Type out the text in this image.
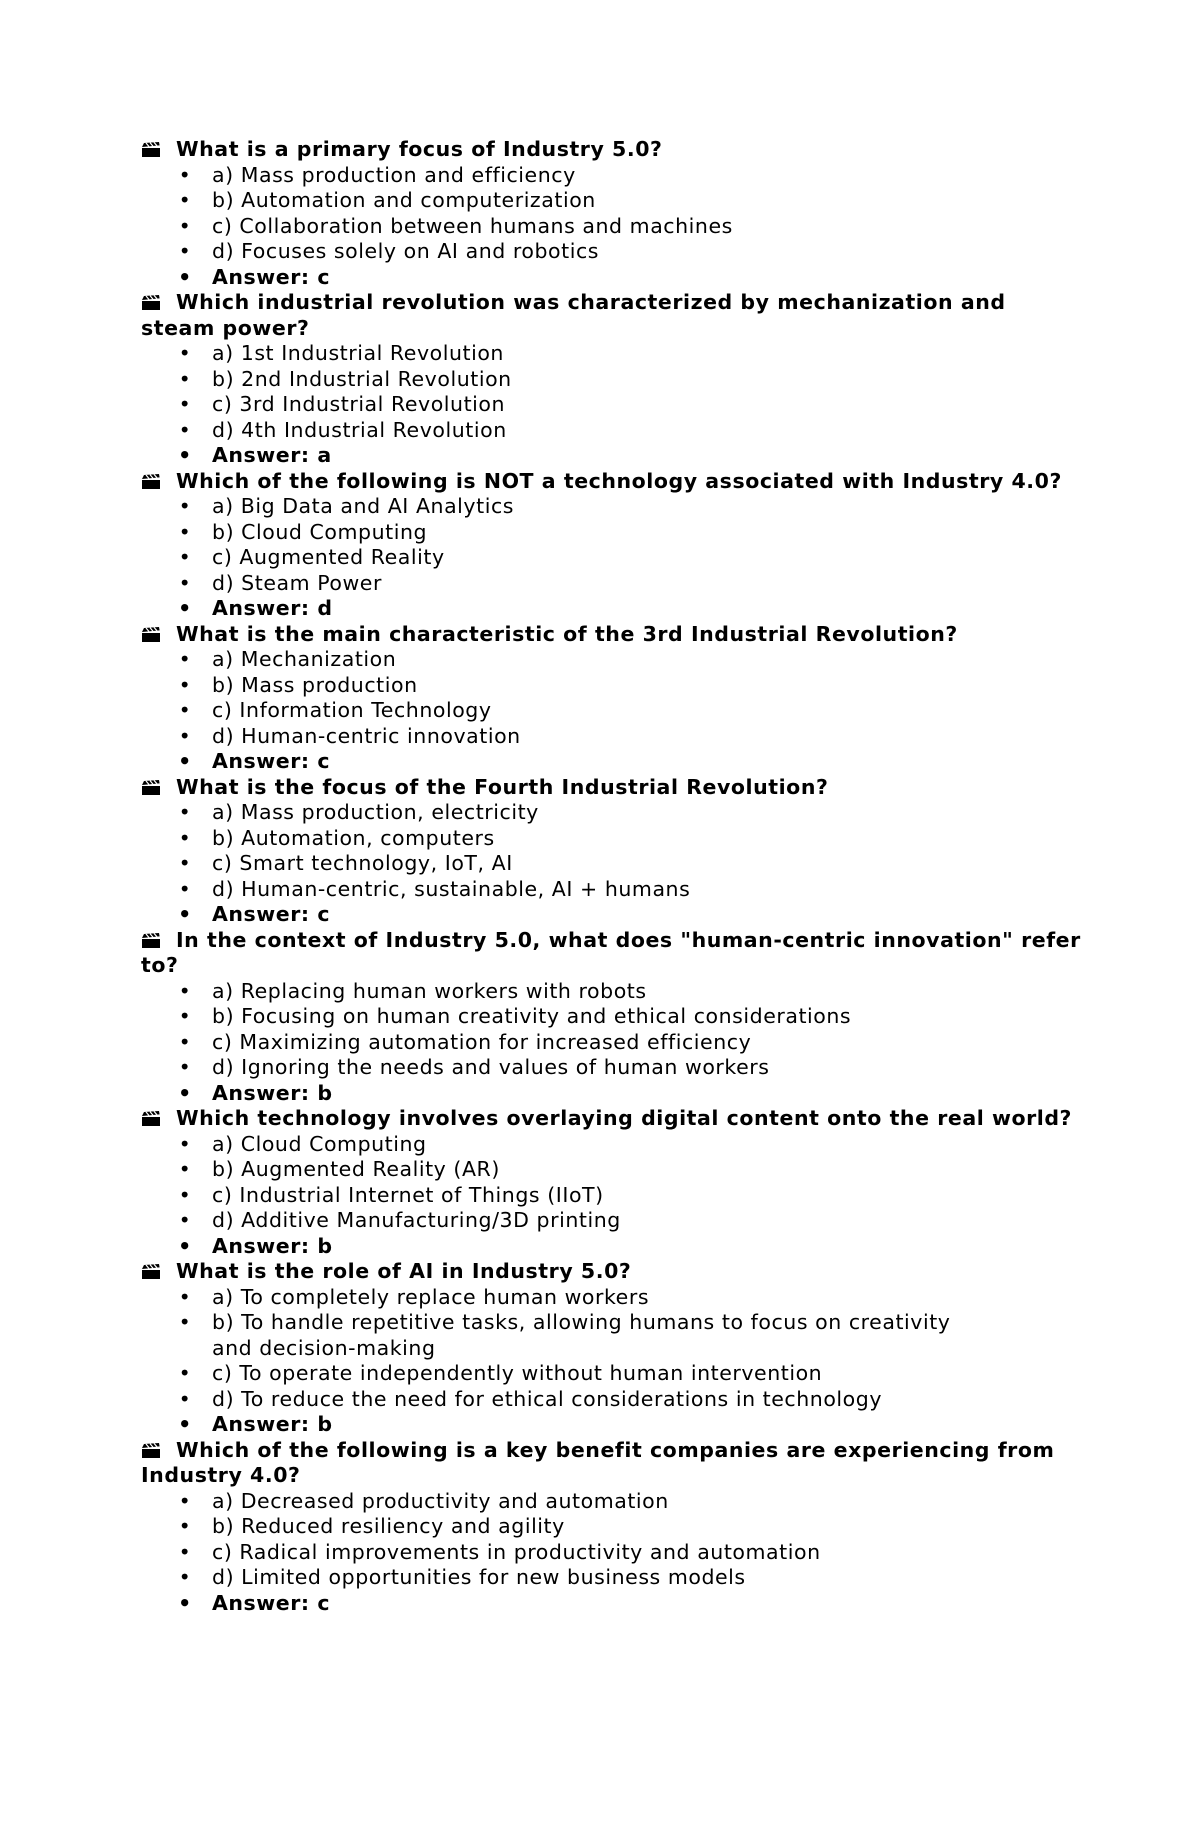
What is a primary focus of Industry 5.0?
• a) Mass production and efficiency
• b) Automation and computerization
• c) Collaboration between humans and machines
• d) Focuses solely on AI and robotics
• Answer: c
Which industrial revolution was characterized by mechanization and steam power?
• a) 1st Industrial Revolution
• b) 2nd Industrial Revolution
• c) 3rd Industrial Revolution
• d) 4th Industrial Revolution
• Answer: a
Which of the following is NOT a technology associated with Industry 4.0?
• a) Big Data and AI Analytics
• b) Cloud Computing
• c) Augmented Reality
• d) Steam Power
• Answer: d
What is the main characteristic of the 3rd Industrial Revolution?
• a) Mechanization
• b) Mass production
• c) Information Technology
• d) Human-centric innovation
• Answer: c
What is the focus of the Fourth Industrial Revolution?
• a) Mass production, electricity
• b) Automation, computers
• c) Smart technology, IoT, AI
• d) Human-centric, sustainable, AI + humans
• Answer: c
In the context of Industry 5.0, what does "human-centric innovation" refer to?
• a) Replacing human workers with robots
• b) Focusing on human creativity and ethical considerations
• c) Maximizing automation for increased efficiency
• d) Ignoring the needs and values of human workers
• Answer: b
Which technology involves overlaying digital content onto the real world?
• a) Cloud Computing
• b) Augmented Reality (AR)
• c) Industrial Internet of Things (IIoT)
• d) Additive Manufacturing/3D printing
• Answer: b
What is the role of AI in Industry 5.0?
• a) To completely replace human workers
• b) To handle repetitive tasks, allowing humans to focus on creativity and decision-making
• c) To operate independently without human intervention
• d) To reduce the need for ethical considerations in technology
• Answer: b
Which of the following is a key benefit companies are experiencing from Industry 4.0?
• a) Decreased productivity and automation
• b) Reduced resiliency and agility
• c) Radical improvements in productivity and automation
• d) Limited opportunities for new business models
• Answer: c
